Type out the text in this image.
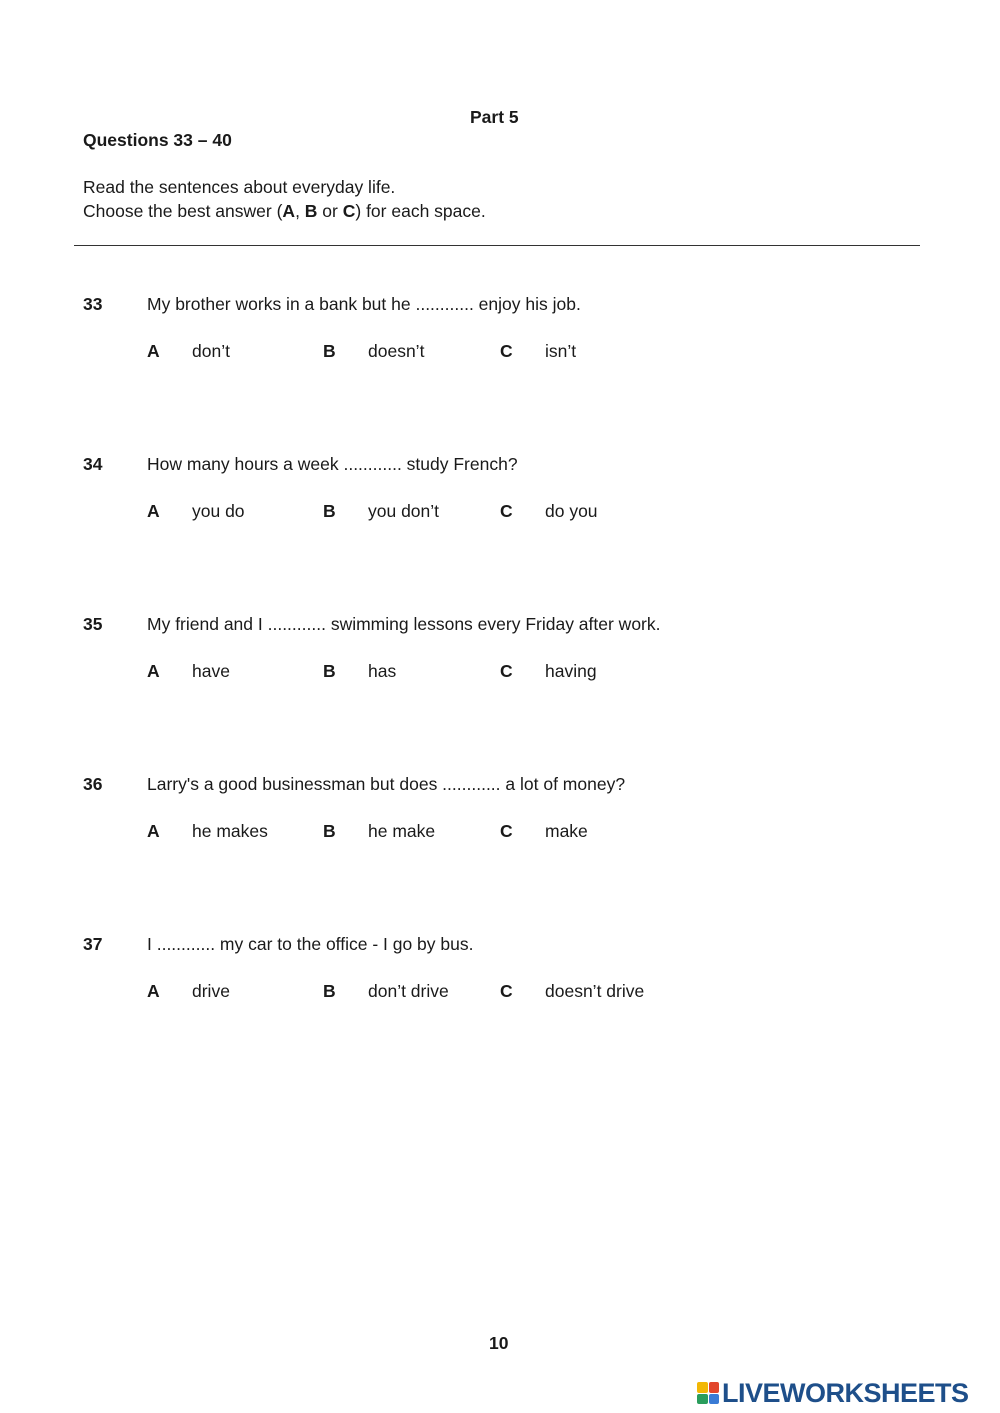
Part 5
Questions 33 – 40
Read the sentences about everyday life.
Choose the best answer (A, B or C) for each space.
33	My brother works in a bank but he ............ enjoy his job.
A don’t	B doesn’t	C isn’t
34	How many hours a week ............ study French?
A you do	B you don’t	C do you
35	My friend and I ............ swimming lessons every Friday after work.
A have	B has	C having
36	Larry's a good businessman but does ............ a lot of money?
A he makes	B he make	C make
37	I ............ my car to the office - I go by bus.
A drive	B don’t drive	C doesn’t drive
10
LIVEWORKSHEETS
